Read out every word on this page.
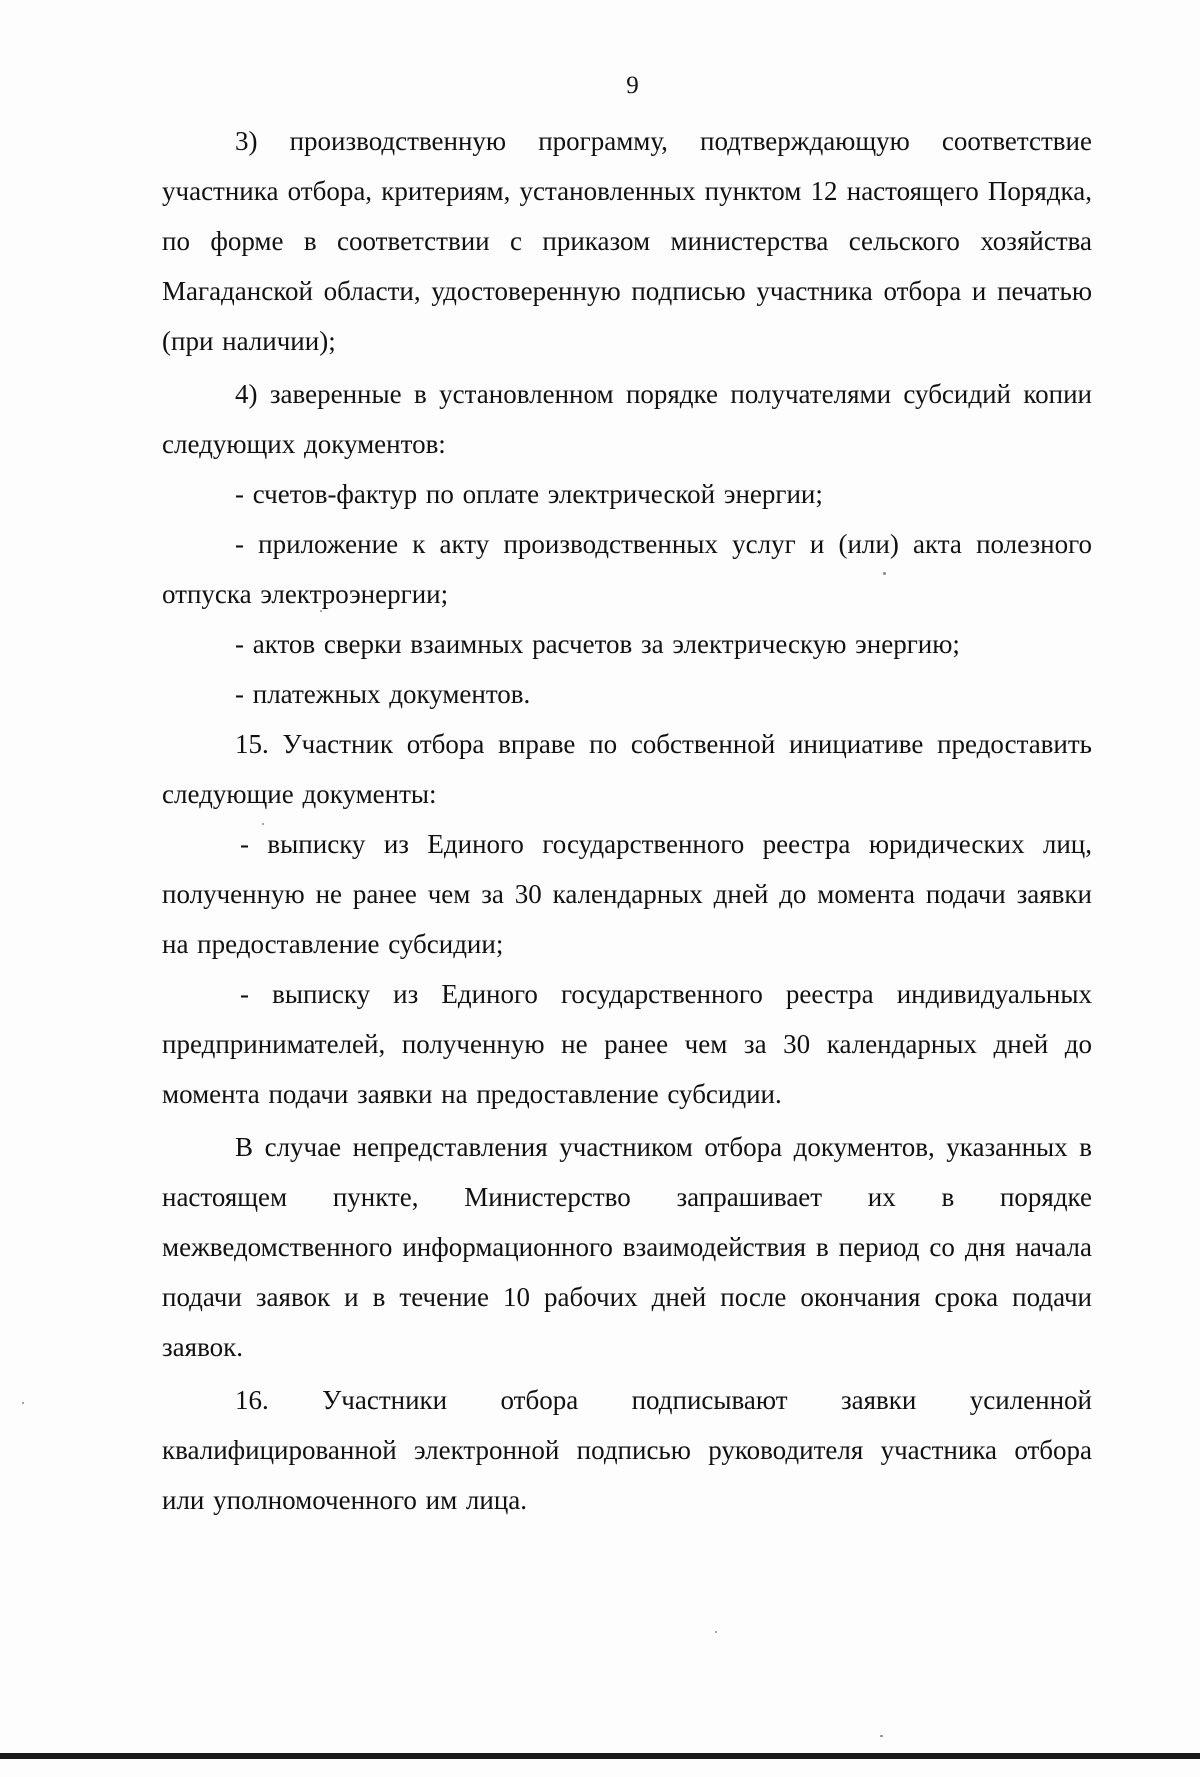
9

3) производственную программу, подтверждающую соответствие участника отбора, критериям, установленных пунктом 12 настоящего Порядка, по форме в соответствии с приказом министерства сельского хозяйства Магаданской области, удостоверенную подписью участника отбора и печатью (при наличии);

4) заверенные в установленном порядке получателями субсидий копии следующих документов:

- счетов-фактур по оплате электрической энергии;

- приложение к акту производственных услуг и (или) акта полезного отпуска электроэнергии;

- актов сверки взаимных расчетов за электрическую энергию;

- платежных документов.

15. Участник отбора вправе по собственной инициативе предоставить следующие документы:

- выписку из Единого государственного реестра юридических лиц, полученную не ранее чем за 30 календарных дней до момента подачи заявки на предоставление субсидии;

- выписку из Единого государственного реестра индивидуальных предпринимателей, полученную не ранее чем за 30 календарных дней до момента подачи заявки на предоставление субсидии.

В случае непредставления участником отбора документов, указанных в настоящем пункте, Министерство запрашивает их в порядке межведомственного информационного взаимодействия в период со дня начала подачи заявок и в течение 10 рабочих дней после окончания срока подачи заявок.

16. Участники отбора подписывают заявки усиленной квалифицированной электронной подписью руководителя участника отбора или уполномоченного им лица.
